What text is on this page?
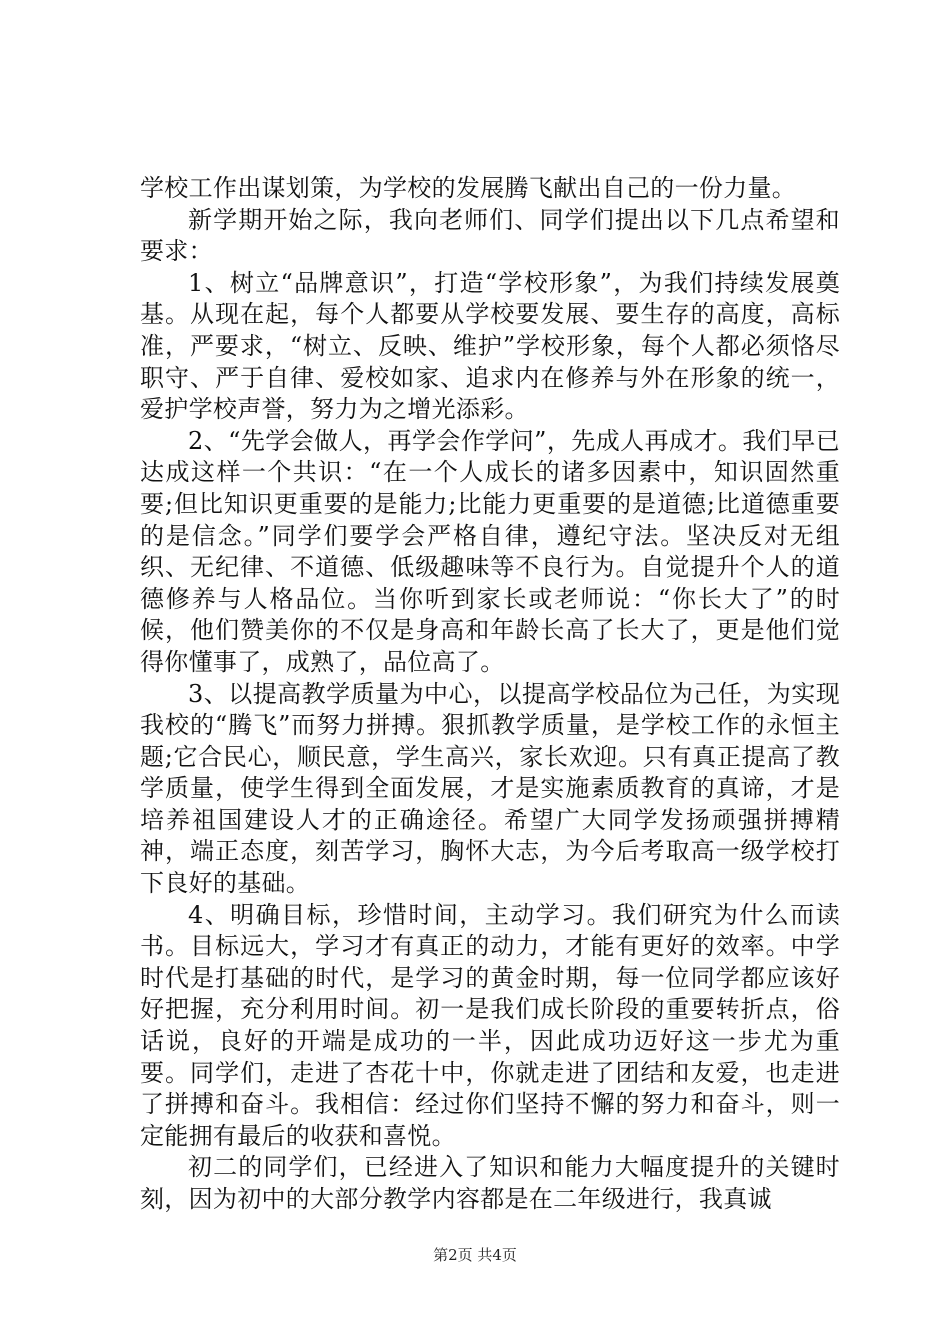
学校工作出谋划策，为学校的发展腾飞献出自己的一份力量。

新学期开始之际，我向老师们、同学们提出以下几点希望和要求：

1、树立“品牌意识”，打造“学校形象”，为我们持续发展奠基。从现在起，每个人都要从学校要发展、要生存的高度，高标准，严要求，“树立、反映、维护”学校形象，每个人都必须恪尽职守、严于自律、爱校如家、追求内在修养与外在形象的统一，爱护学校声誉，努力为之增光添彩。

2、“先学会做人，再学会作学问”，先成人再成才。我们早已达成这样一个共识：“在一个人成长的诸多因素中，知识固然重要;但比知识更重要的是能力;比能力更重要的是道德;比道德重要的是信念。”同学们要学会严格自律，遵纪守法。坚决反对无组织、无纪律、不道德、低级趣味等不良行为。自觉提升个人的道德修养与人格品位。当你听到家长或老师说：“你长大了”的时候，他们赞美你的不仅是身高和年龄长高了长大了，更是他们觉得你懂事了，成熟了，品位高了。

3、以提高教学质量为中心，以提高学校品位为己任，为实现我校的“腾飞”而努力拼搏。狠抓教学质量，是学校工作的永恒主题;它合民心，顺民意，学生高兴，家长欢迎。只有真正提高了教学质量，使学生得到全面发展，才是实施素质教育的真谛，才是培养祖国建设人才的正确途径。希望广大同学发扬顽强拼搏精神，端正态度，刻苦学习，胸怀大志，为今后考取高一级学校打下良好的基础。

4、明确目标，珍惜时间，主动学习。我们研究为什么而读书。目标远大，学习才有真正的动力，才能有更好的效率。中学时代是打基础的时代，是学习的黄金时期，每一位同学都应该好好把握，充分利用时间。初一是我们成长阶段的重要转折点，俗话说，良好的开端是成功的一半，因此成功迈好这一步尤为重要。同学们，走进了杏花十中，你就走进了团结和友爱，也走进了拼搏和奋斗。我相信：经过你们坚持不懈的努力和奋斗，则一定能拥有最后的收获和喜悦。

初二的同学们，已经进入了知识和能力大幅度提升的关键时刻，因为初中的大部分教学内容都是在二年级进行，我真诚

第2页 共4页
